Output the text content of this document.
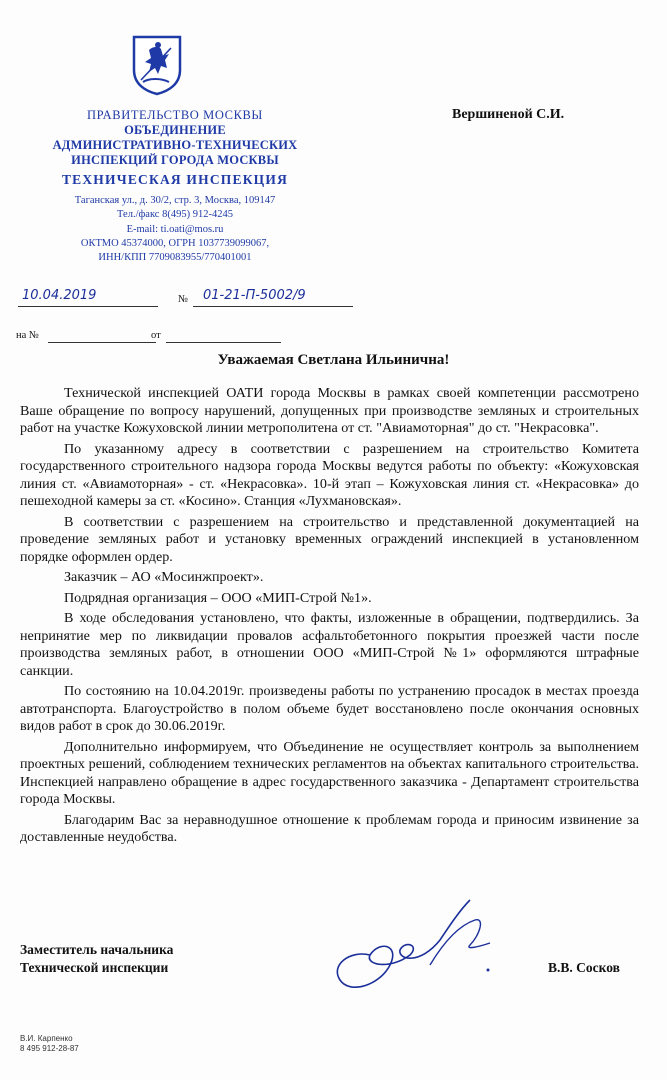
ПРАВИТЕЛЬСТВО МОСКВЫ
ОБЪЕДИНЕНИЕ
АДМИНИСТРАТИВНО-ТЕХНИЧЕСКИХ
ИНСПЕКЦИЙ ГОРОДА МОСКВЫ
ТЕХНИЧЕСКАЯ ИНСПЕКЦИЯ
Таганская ул., д. 30/2, стр. 3, Москва, 109147
Тел./факс 8(495) 912-4245
E-mail: ti.oati@mos.ru
ОКТМО 45374000, ОГРН 1037739099067,
ИНН/КПП 7709083955/770401001
Вершиненой С.И.
10.04.2019	№ 01-21-П-5002/9
на №	от
Уважаемая Светлана Ильинична!

Технической инспекцией ОАТИ города Москвы в рамках своей компетенции рассмотрено Ваше обращение по вопросу нарушений, допущенных при производстве земляных и строительных работ на участке Кожуховской линии метрополитена от ст. "Авиамоторная" до ст. "Некрасовка".

По указанному адресу в соответствии с разрешением на строительство Комитета государственного строительного надзора города Москвы ведутся работы по объекту: «Кожуховская линия ст. «Авиамоторная» - ст. «Некрасовка». 10-й этап – Кожуховская линия ст. «Некрасовка» до пешеходной камеры за ст. «Косино». Станция «Лухмановская».

В соответствии с разрешением на строительство и представленной документацией на проведение земляных работ и установку временных ограждений инспекцией в установленном порядке оформлен ордер.

Заказчик – АО «Мосинжпроект».

Подрядная организация – ООО «МИП-Строй №1».

В ходе обследования установлено, что факты, изложенные в обращении, подтвердились. За непринятие мер по ликвидации провалов асфальтобетонного покрытия проезжей части после производства земляных работ, в отношении ООО «МИП-Строй №1» оформляются штрафные санкции.

По состоянию на 10.04.2019г. произведены работы по устранению просадок в местах проезда автотранспорта. Благоустройство в полом объеме будет восстановлено после окончания основных видов работ в срок до 30.06.2019г.

Дополнительно информируем, что Объединение не осуществляет контроль за выполнением проектных решений, соблюдением технических регламентов на объектах капитального строительства. Инспекцией направлено обращение в адрес государственного заказчика - Департамент строительства города Москвы.

Благодарим Вас за неравнодушное отношение к проблемам города и приносим извинение за доставленные неудобства.

Заместитель начальника
Технической инспекции	В.В. Сосков
В.И. Карпенко
8 495 912-28-87
